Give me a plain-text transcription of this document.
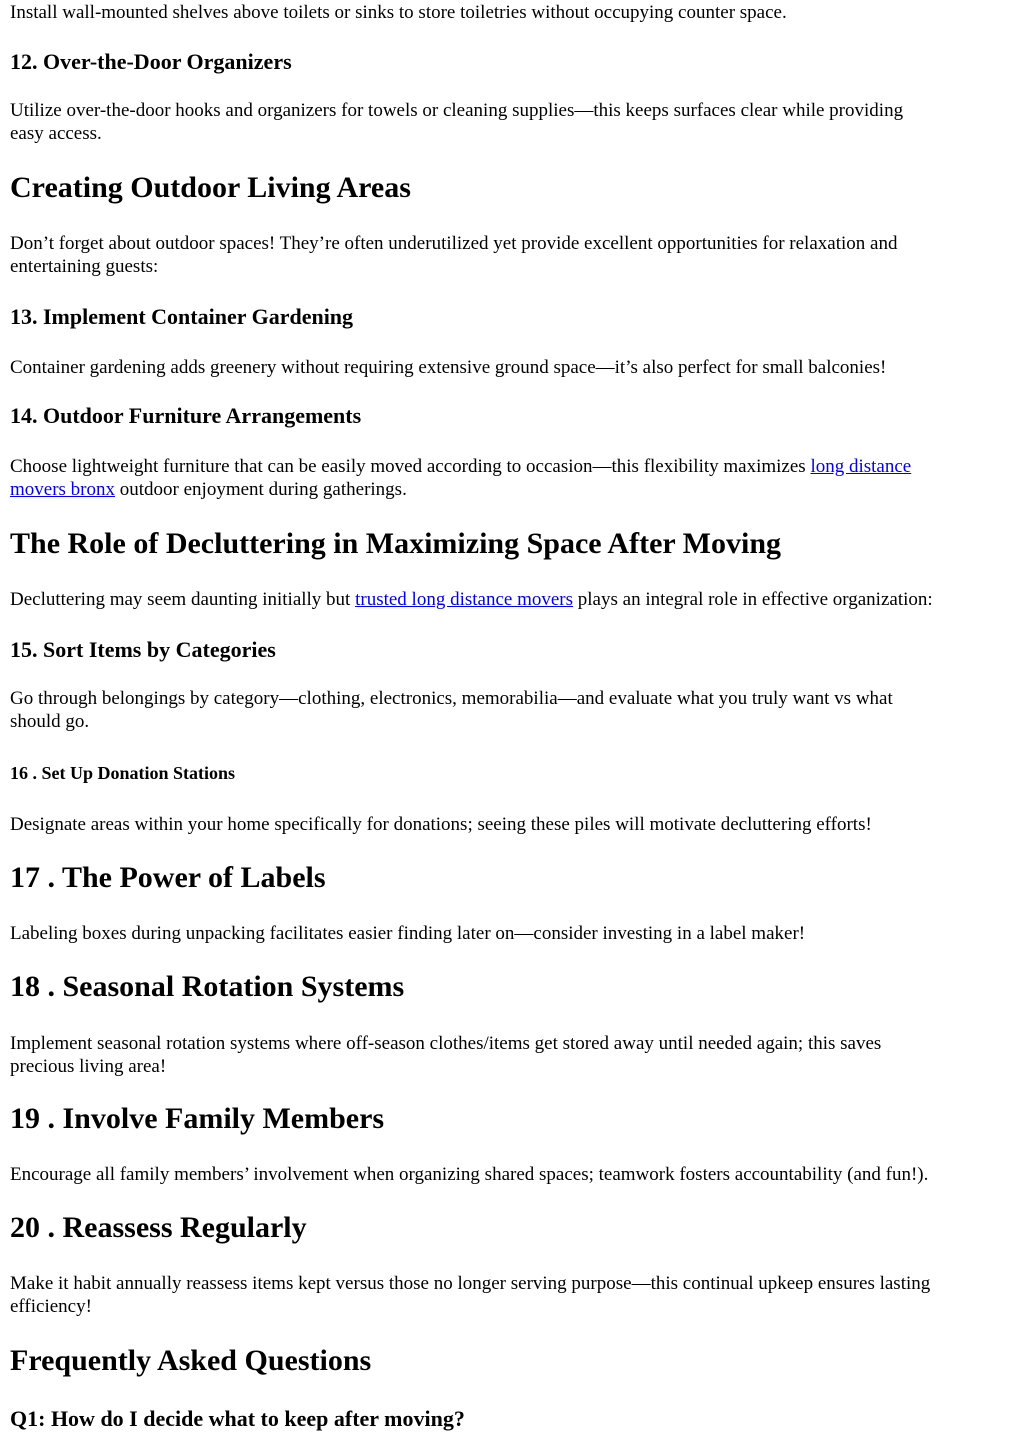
Install wall-mounted shelves above toilets or sinks to store toiletries without occupying counter space.

12. Over-the-Door Organizers

Utilize over-the-door hooks and organizers for towels or cleaning supplies—this keeps surfaces clear while providing
easy access.

Creating Outdoor Living Areas

Don’t forget about outdoor spaces! They’re often underutilized yet provide excellent opportunities for relaxation and
entertaining guests:

13. Implement Container Gardening

Container gardening adds greenery without requiring extensive ground space—it’s also perfect for small balconies!

14. Outdoor Furniture Arrangements

Choose lightweight furniture that can be easily moved according to occasion—this flexibility maximizes long distance
movers bronx outdoor enjoyment during gatherings.

The Role of Decluttering in Maximizing Space After Moving

Decluttering may seem daunting initially but trusted long distance movers plays an integral role in effective organization:

15. Sort Items by Categories

Go through belongings by category—clothing, electronics, memorabilia—and evaluate what you truly want vs what
should go.

16 . Set Up Donation Stations

Designate areas within your home specifically for donations; seeing these piles will motivate decluttering efforts!

17 . The Power of Labels

Labeling boxes during unpacking facilitates easier finding later on—consider investing in a label maker!

18 . Seasonal Rotation Systems

Implement seasonal rotation systems where off-season clothes/items get stored away until needed again; this saves
precious living area!

19 . Involve Family Members

Encourage all family members’ involvement when organizing shared spaces; teamwork fosters accountability (and fun!).

20 . Reassess Regularly

Make it habit annually reassess items kept versus those no longer serving purpose—this continual upkeep ensures lasting
efficiency!

Frequently Asked Questions
Q1: How do I decide what to keep after moving?
